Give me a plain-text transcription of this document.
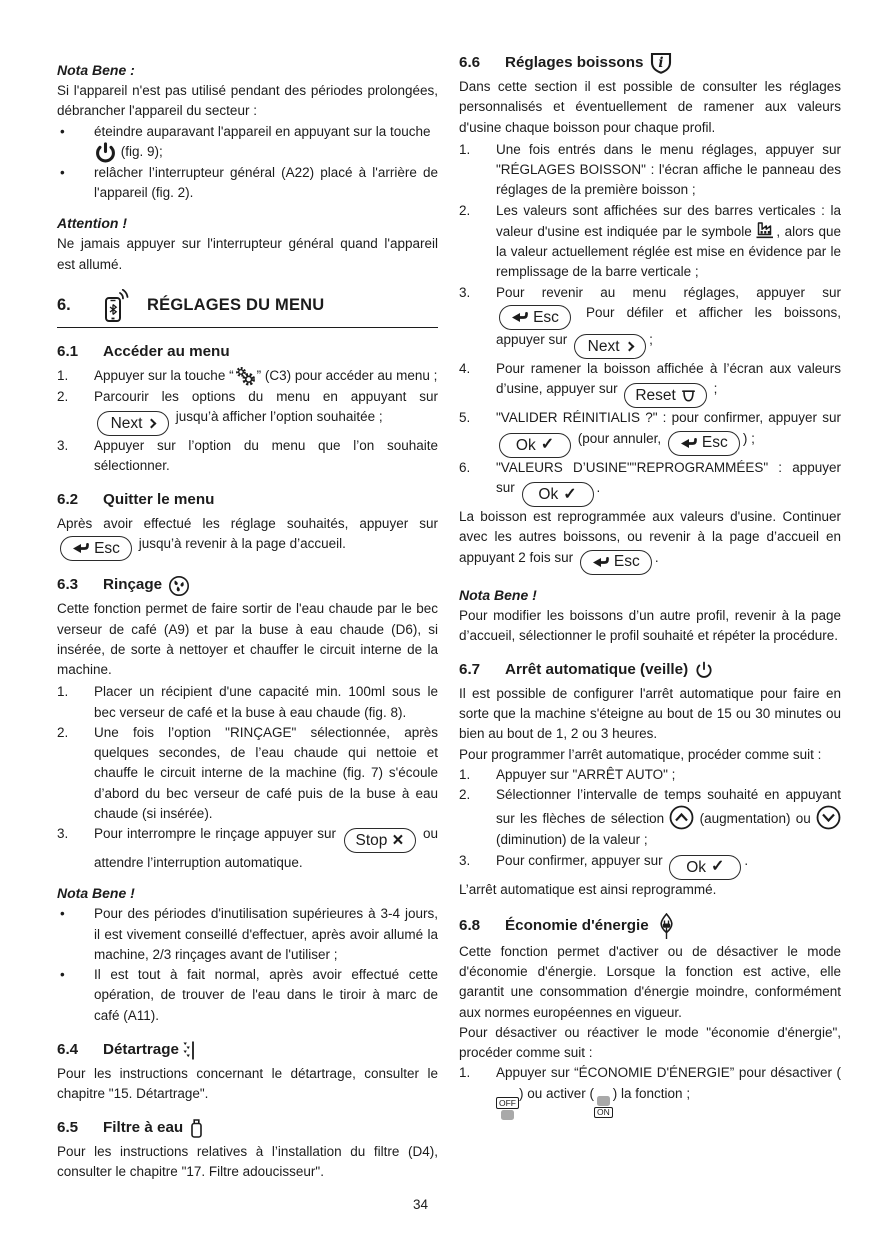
Nota Bene :

Si l'appareil n'est pas utilisé pendant des périodes prolongées, débrancher l'appareil du secteur :

•	éteindre auparavant l'appareil en appuyant sur la touche
(fig. 9);
•	relâcher l’interrupteur général (A22) placé à l'arrière de l'appareil (fig. 2).
Attention !

Ne jamais appuyer sur l'interrupteur général quand l'appareil est allumé.

6.	RÉGLAGES DU MENU
6.1	Accéder au menu
1.	Appuyer sur la touche “ ” (C3) pour accéder au menu ;
2.	Parcourir les options du menu en appuyant sur
Next jusqu’à afficher l’option souhaitée ;
3.	Appuyer sur l’option du menu que l’on souhaite sélectionner.
6.2	Quitter le menu

Après avoir effectué les réglage souhaités, appuyer sur
Esc jusqu’à revenir à la page d’accueil.

6.3	Rinçage

Cette fonction permet de faire sortir de l'eau chaude par le bec verseur de café (A9) et par la buse à eau chaude (D6), si insérée, de sorte à nettoyer et chauffer le circuit interne de la machine.

1.	Placer un récipient d'une capacité min. 100ml sous le bec verseur de café et la buse à eau chaude (fig. 8).
2.	Une fois l’option "RINÇAGE" sélectionnée, après quelques secondes, de l’eau chaude qui nettoie et chauffe le circuit interne de la machine (fig. 7) s'écoule d’abord du bec verseur de café puis de la buse à eau chaude (si insérée).
3.	Pour interrompre le rinçage appuyer sur Stop × ou attendre l’interruption automatique.
Nota Bene !
•	Pour des périodes d'inutilisation supérieures à 3-4 jours, il est vivement conseillé d'effectuer, après avoir allumé la machine, 2/3 rinçages avant de l'utiliser ;
•	Il est tout à fait normal, après avoir effectué cette opération, de trouver de l'eau dans le tiroir à marc de café (A11).
6.4	Détartrage

Pour les instructions concernant le détartrage, consulter le chapitre "15. Détartrage".

6.5	Filtre à eau

Pour les instructions relatives à l’installation du filtre (D4), consulter le chapitre "17. Filtre adoucisseur".

6.6	Réglages boissons i

Dans cette section il est possible de consulter les réglages personnalisés et éventuellement de ramener aux valeurs d'usine chaque boisson pour chaque profil.

1.	Une fois entrés dans le menu réglages, appuyer sur "RÉGLAGES BOISSON" : l'écran affiche le panneau des réglages de la première boisson ;
2.	Les valeurs sont affichées sur des barres verticales : la valeur d'usine est indiquée par le symbole , alors que la valeur actuellement réglée est mise en évidence par le remplissage de la barre verticale ;
3.	Pour revenir au menu réglages, appuyer sur
Esc Pour défiler et afficher les boissons, appuyer sur Next ;
4.	Pour ramener la boisson affichée à l’écran aux valeurs d’usine, appuyer sur Reset	;
5.	"VALIDER RÉINITIALIS ?" : pour confirmer, appuyer sur
Ok ✓ (pour annuler,	Esc ) ;
6.	"VALEURS D’USINE""REPROGRAMMÉES" : appuyer sur Ok ✓ .

La boisson est reprogrammée aux valeurs d'usine. Continuer avec les autres boissons, ou revenir à la page d’accueil en appuyant 2 fois sur	Esc .

Nota Bene !

Pour modifier les boissons d’un autre profil, revenir à la page d’accueil, sélectionner le profil souhaité et répéter la procédure.

6.7	Arrêt automatique (veille)

Il est possible de configurer l'arrêt automatique pour faire en sorte que la machine s'éteigne au bout de 15 ou 30 minutes ou bien au bout de 1, 2 ou 3 heures.

Pour programmer l’arrêt automatique, procéder comme suit :

1.	Appuyer sur "ARRÊT AUTO" ;
2.	Sélectionner l’intervalle de temps souhaité en appuyant sur les flèches de sélection	(augmentation) ou
(diminution) de la valeur ;
3.	Pour confirmer, appuyer sur Ok ✓ .

L’arrêt automatique est ainsi reprogrammé.

6.8	Économie d'énergie

Cette fonction permet d'activer ou de désactiver le mode d'économie d'énergie. Lorsque la fonction est active, elle garantit une consommation d'énergie moindre, conformément aux normes européennes en vigueur.

Pour désactiver ou réactiver le mode "économie d'énergie", procéder comme suit :

1.	Appuyer sur “ÉCONOMIE D'ÉNERGIE” pour désactiver (
OFF
) ou activer (
ON
) la fonction ;
34
